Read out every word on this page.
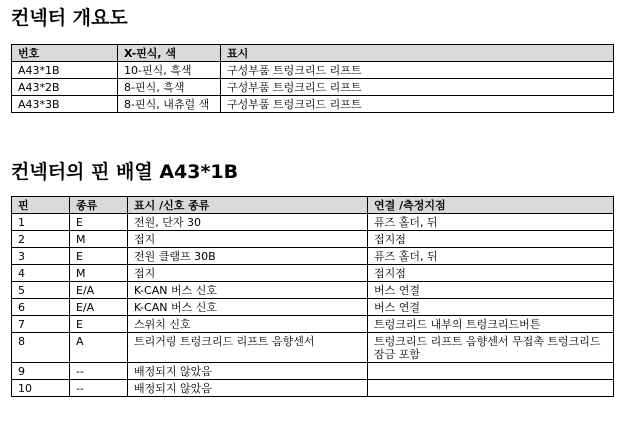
컨넥터 개요도
번호	X-핀식, 색	표시
A43*1B	10-핀식, 흑색	구성부품 트렁크리드 리프트
A43*2B	8-핀식, 흑색	구성부품 트렁크리드 리프트
A43*3B	8-핀식, 내츄럴 색	구성부품 트렁크리드 리프트
컨넥터의 핀 배열 A43*1B
핀	종류	표시 /신호 종류	연결 /측정지점
1	E	전원, 단자 30	퓨즈 홀더, 뒤
2	M	접지	접지점
3	E	전원 클램프 30B	퓨즈 홀더, 뒤
4	M	접지	접지점
5	E/A	K-CAN 버스 신호	버스 연결
6	E/A	K-CAN 버스 신호	버스 연결
7	E	스위치 신호	트렁크리드 내부의 트렁크리드버튼
8	A	트리거링 트렁크리드 리프트 음향센서	트렁크리드 리프트 음향센서 무접촉 트렁크리드 잠금 포함
9	--	배정되지 않았음	
10	--	배정되지 않았음	
